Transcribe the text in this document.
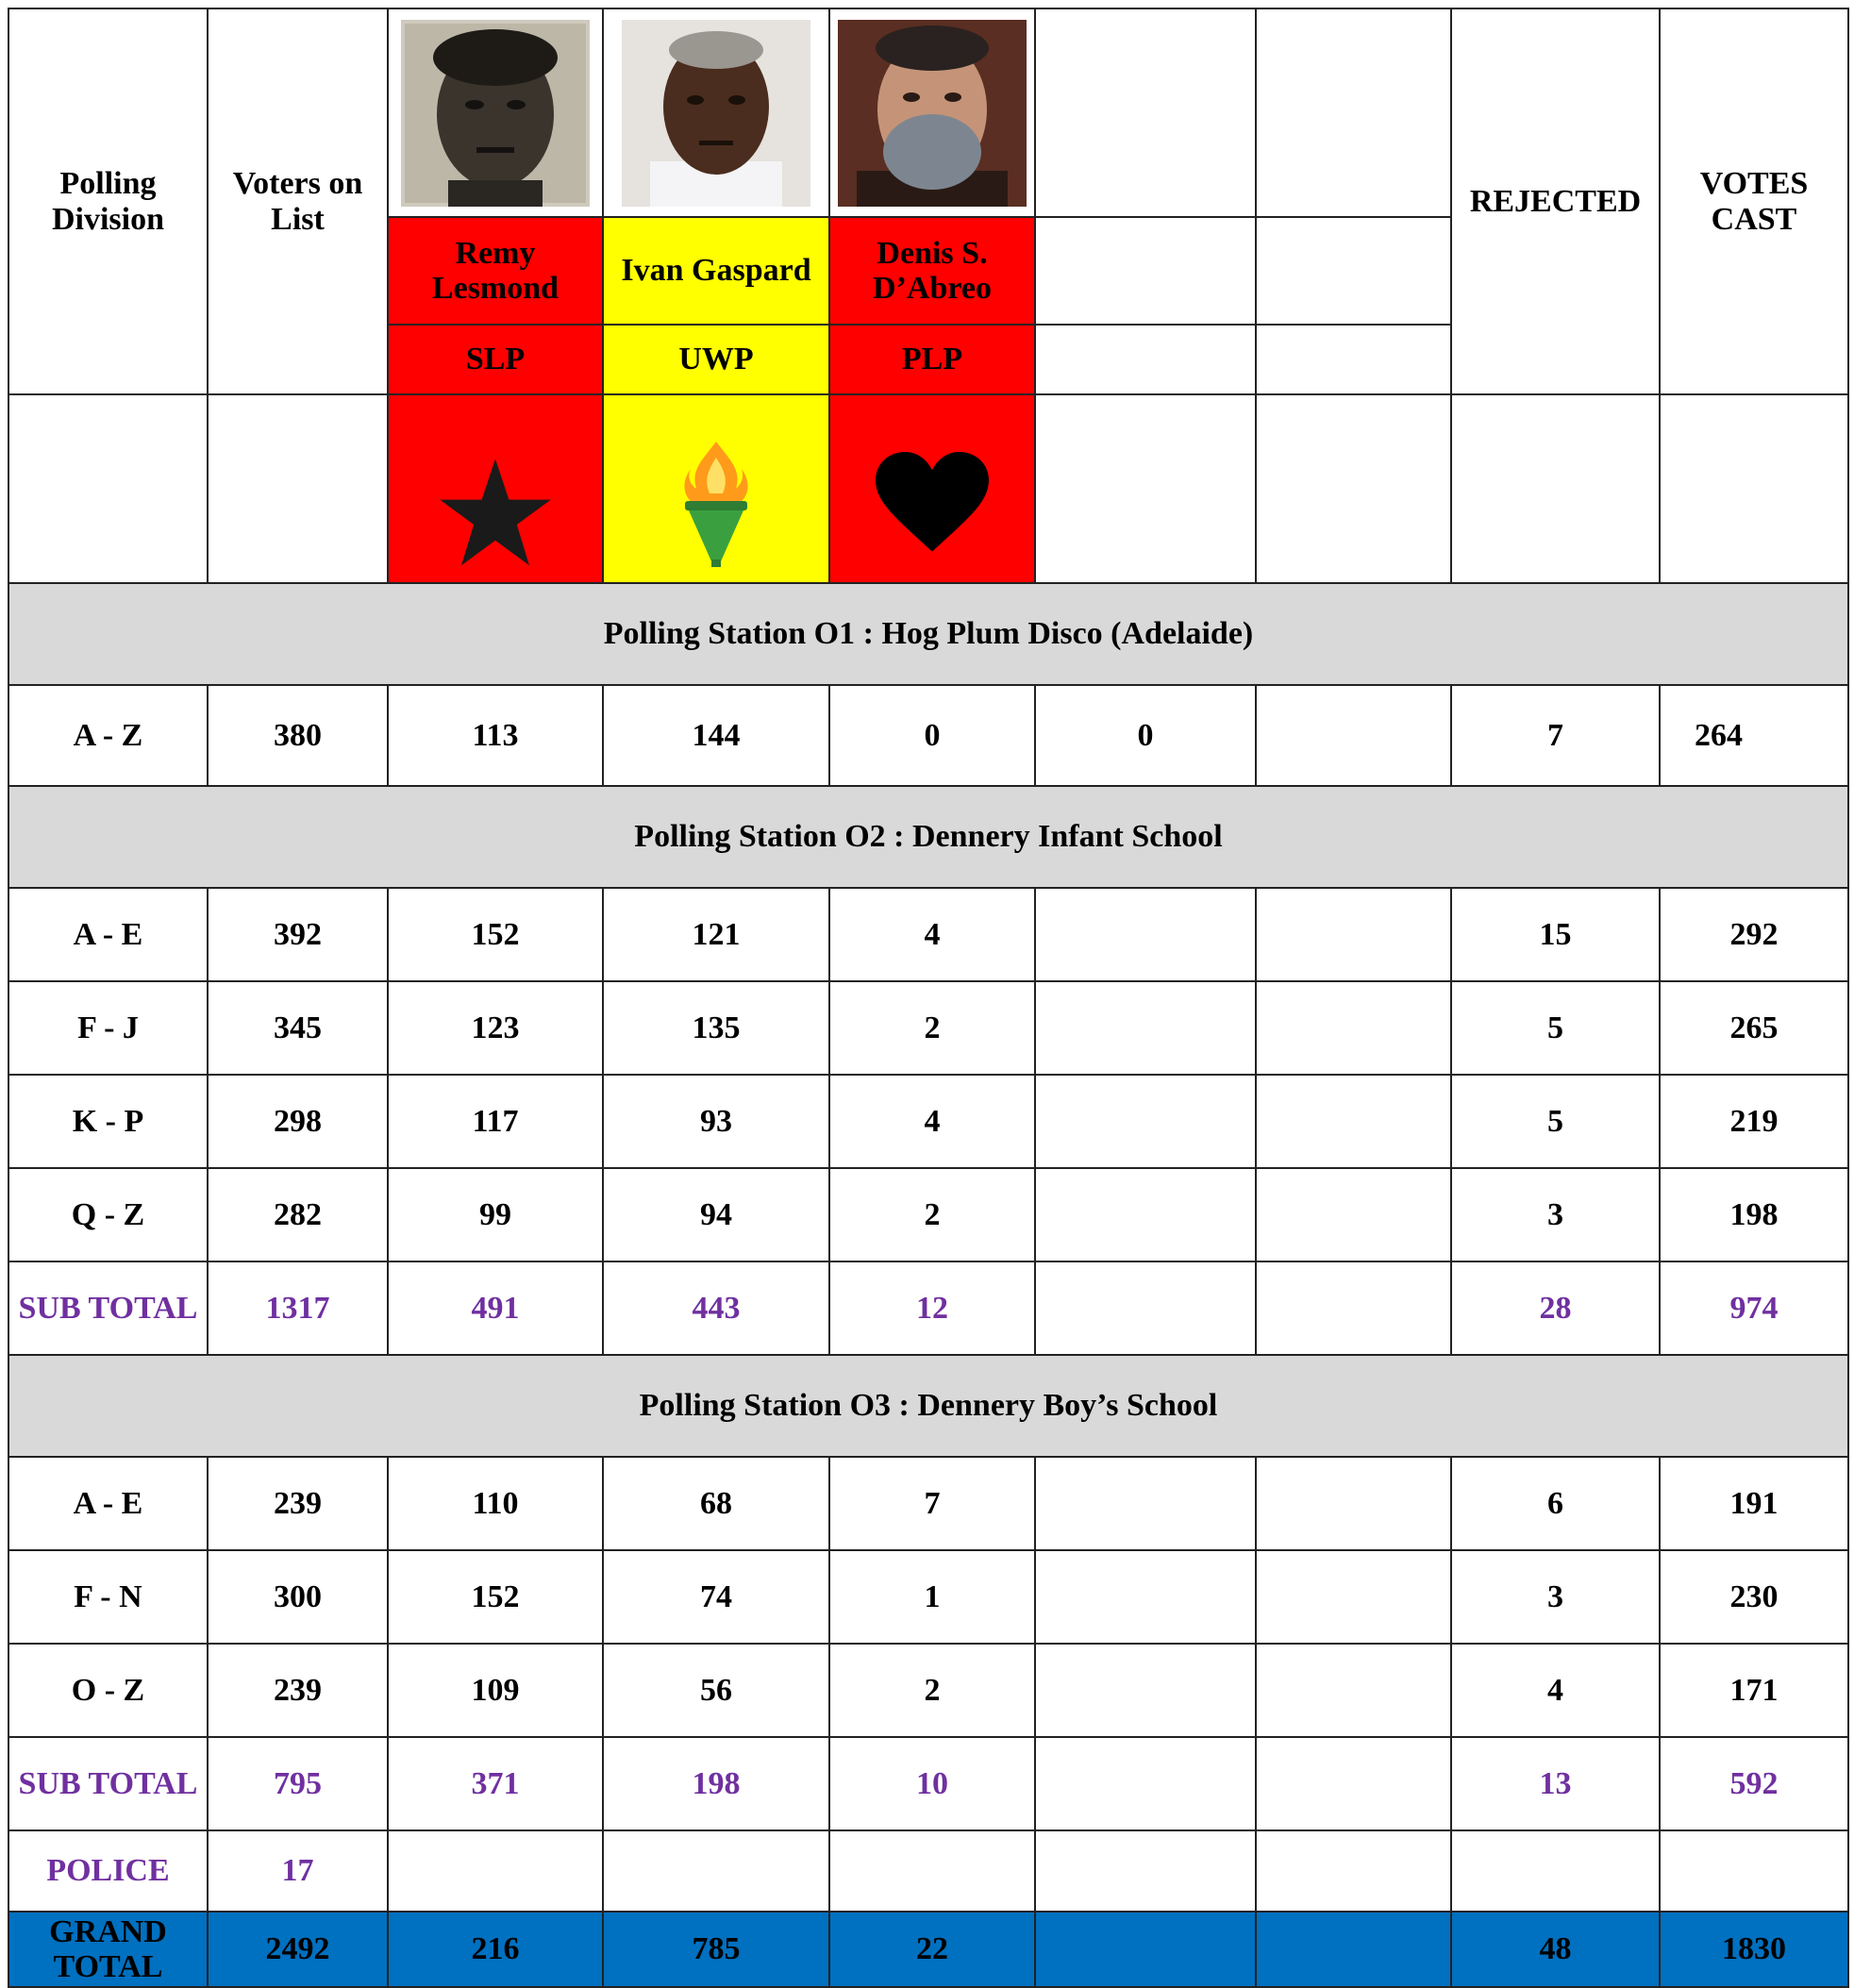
Polling Division	Voters on List						REJECTED	VOTES CAST
		Remy Lesmond	Ivan Gaspard	Denis S. D’Abreo				
		SLP	UWP	PLP				

Polling Station O1 : Hog Plum Disco (Adelaide)								
A - Z	380	113	144	0	0		7	264
Polling Station O2 : Dennery Infant School								
A - E	392	152	121	4			15	292
F - J	345	123	135	2			5	265
K - P	298	117	93	4			5	219
Q - Z	282	99	94	2			3	198
SUB TOTAL	1317	491	443	12			28	974
Polling Station O3 : Dennery Boy’s School								
A - E	239	110	68	7			6	191
F - N	300	152	74	1			3	230
O - Z	239	109	56	2			4	171
SUB TOTAL	795	371	198	10			13	592
POLICE	17							
GRAND TOTAL	2492	216	785	22			48	1830
